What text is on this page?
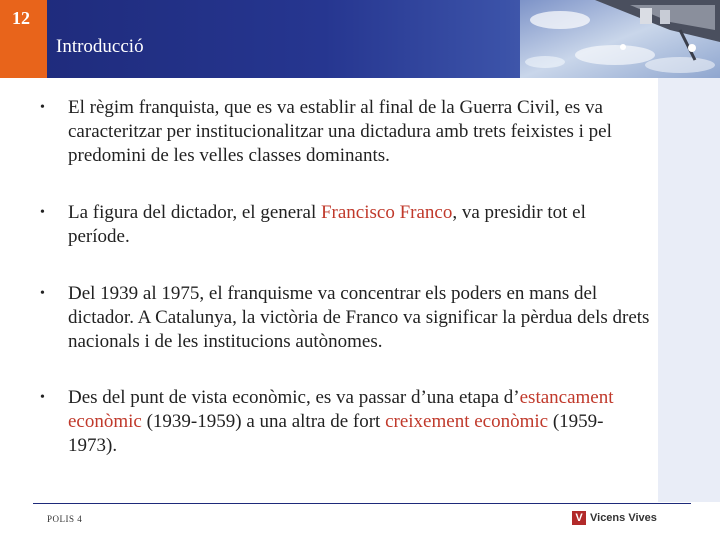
12
Introducció
• El règim franquista, que es va establir al final de la Guerra Civil, es va caracteritzar per institucionalitzar una dictadura amb trets feixistes i pel predomini de les velles classes dominants.
• La figura del dictador, el general Francisco Franco, va presidir tot el període.
• Del 1939 al 1975, el franquisme va concentrar els poders en mans del dictador. A Catalunya, la victòria de Franco va significar la pèrdua dels drets nacionals i de les institucions autònomes.
• Des del punt de vista econòmic, es va passar d’una etapa d’estancament econòmic (1939-1959) a una altra de fort creixement econòmic (1959-1973).
POLIS 4	V Vicens Vives
